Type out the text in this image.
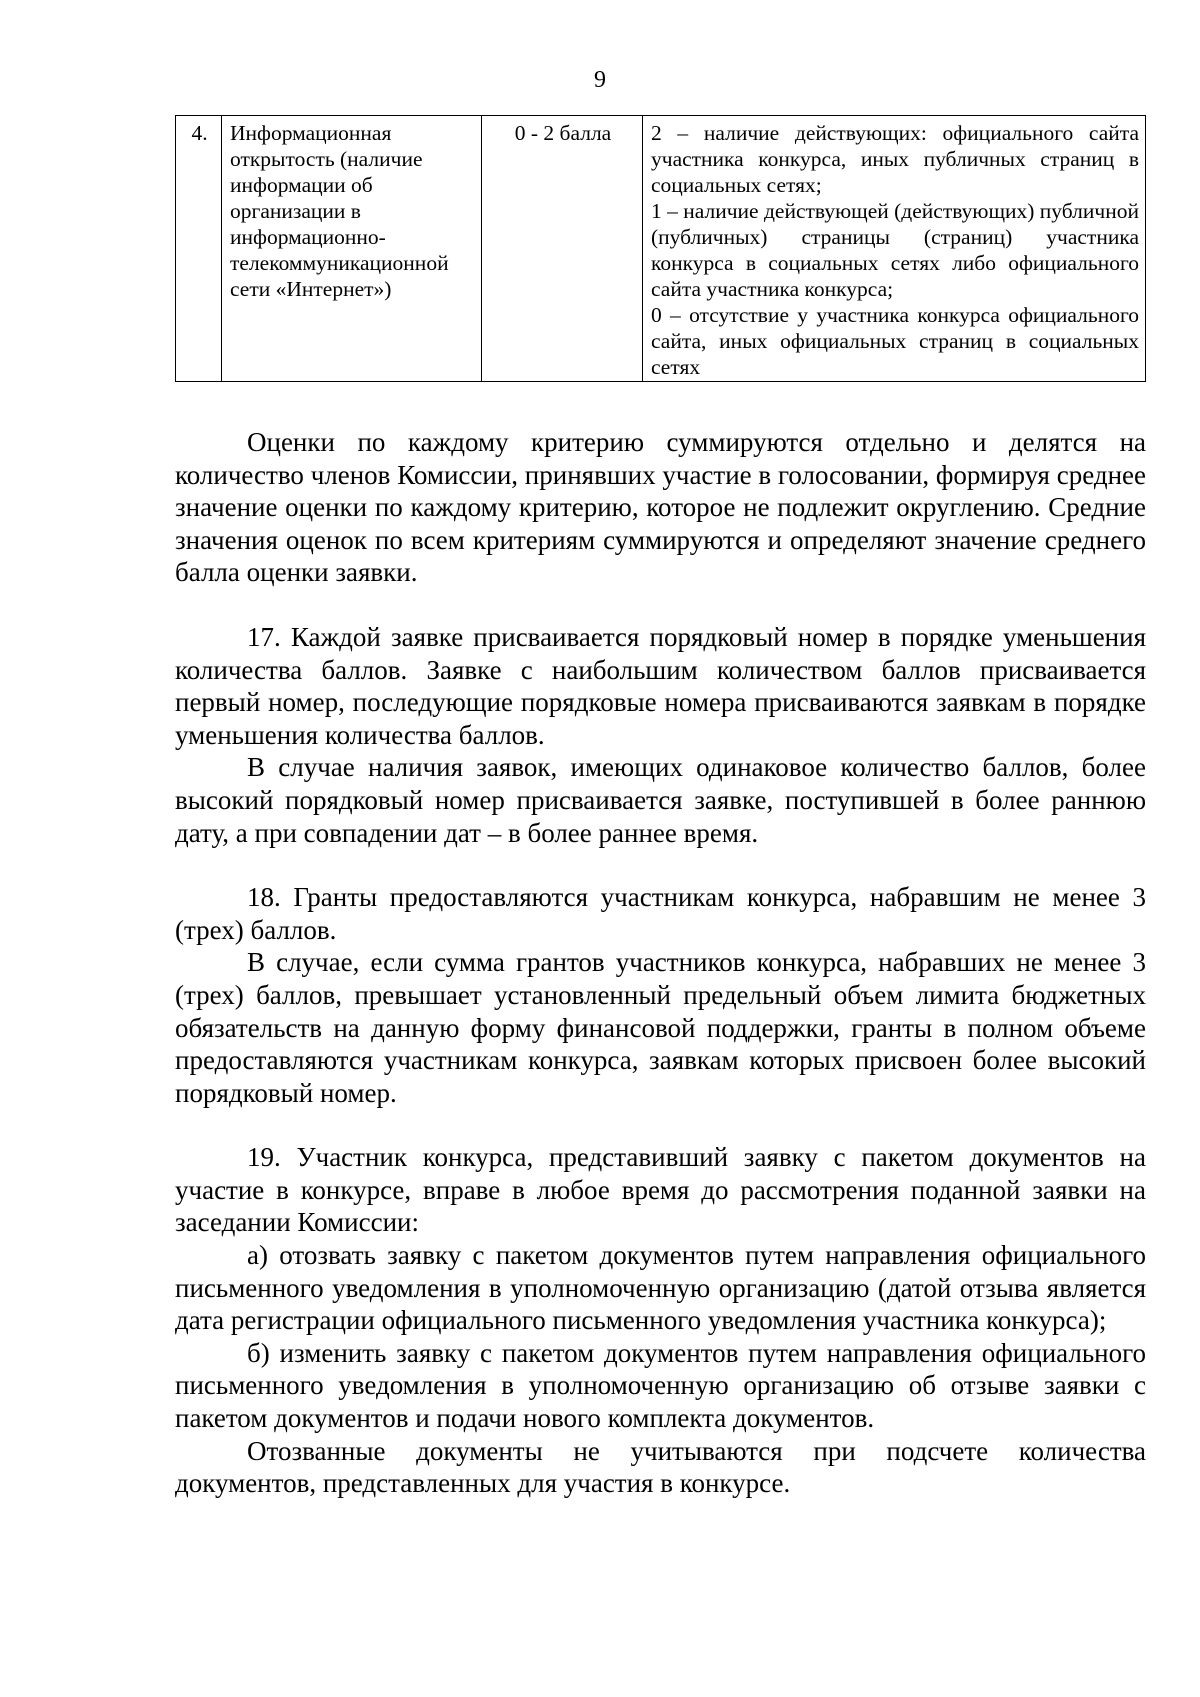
9
4.	Информационная открытость (наличие информации об организации в информационно-телекоммуникационной сети «Интернет»)	0 - 2 балла	2 – наличие действующих: официального сайта участника конкурса, иных публичных страниц в социальных сетях;
1 – наличие действующей (действующих) публичной (публичных) страницы (страниц) участника конкурса в социальных сетях либо официального сайта участника конкурса;
0 – отсутствие у участника конкурса официального сайта, иных официальных страниц в социальных сетях

Оценки по каждому критерию суммируются отдельно и делятся на количество членов Комиссии, принявших участие в голосовании, формируя среднее значение оценки по каждому критерию, которое не подлежит округлению. Средние значения оценок по всем критериям суммируются и определяют значение среднего балла оценки заявки.

17. Каждой заявке присваивается порядковый номер в порядке уменьшения количества баллов. Заявке с наибольшим количеством баллов присваивается первый номер, последующие порядковые номера присваиваются заявкам в порядке уменьшения количества баллов.

В случае наличия заявок, имеющих одинаковое количество баллов, более высокий порядковый номер присваивается заявке, поступившей в более раннюю дату, а при совпадении дат – в более раннее время.

18. Гранты предоставляются участникам конкурса, набравшим не менее 3 (трех) баллов.

В случае, если сумма грантов участников конкурса, набравших не менее 3 (трех) баллов, превышает установленный предельный объем лимита бюджетных обязательств на данную форму финансовой поддержки, гранты в полном объеме предоставляются участникам конкурса, заявкам которых присвоен более высокий порядковый номер.

19. Участник конкурса, представивший заявку с пакетом документов на участие в конкурсе, вправе в любое время до рассмотрения поданной заявки на заседании Комиссии:

а) отозвать заявку с пакетом документов путем направления официального письменного уведомления в уполномоченную организацию (датой отзыва является дата регистрации официального письменного уведомления участника конкурса);

б) изменить заявку с пакетом документов путем направления официального письменного уведомления в уполномоченную организацию об отзыве заявки с пакетом документов и подачи нового комплекта документов.

Отозванные документы не учитываются при подсчете количества документов, представленных для участия в конкурсе.
